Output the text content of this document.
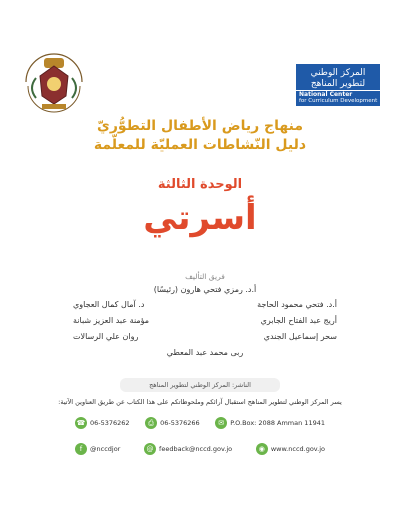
المركز الوطني لتطوير المناهج
National Center
for Curriculum Development
منهاج رياض الأطفال التطوُّريّ
دليل النّشاطات العمليّة للمعلّمة
الوحدة الثالثة
أسرتي
فريق التأليف
أ.د. رمزي فتحي هارون (رئيسًا)
أ.د. فتحي محمود الحاجة
د. آمال كمال العجاوي
أريج عبد الفتاح الجابري
مؤمنة عبد العزيز شبانة
سحر إسماعيل الجندي
روان علي الرسالات
ربى محمد عبد المعطي
الناشر: المركز الوطني لتطوير المناهج
يسر المركز الوطني لتطوير المناهج استقبال آرائكم وملحوظاتكم على هذا الكتاب عن طريق العناوين الآتية:
☎ 06-5376262	⎙ 06-5376266	✉ P.O.Box: 2088 Amman 11941
f	@nccdjor	@ feedback@nccd.gov.jo	◉ www.nccd.gov.jo
